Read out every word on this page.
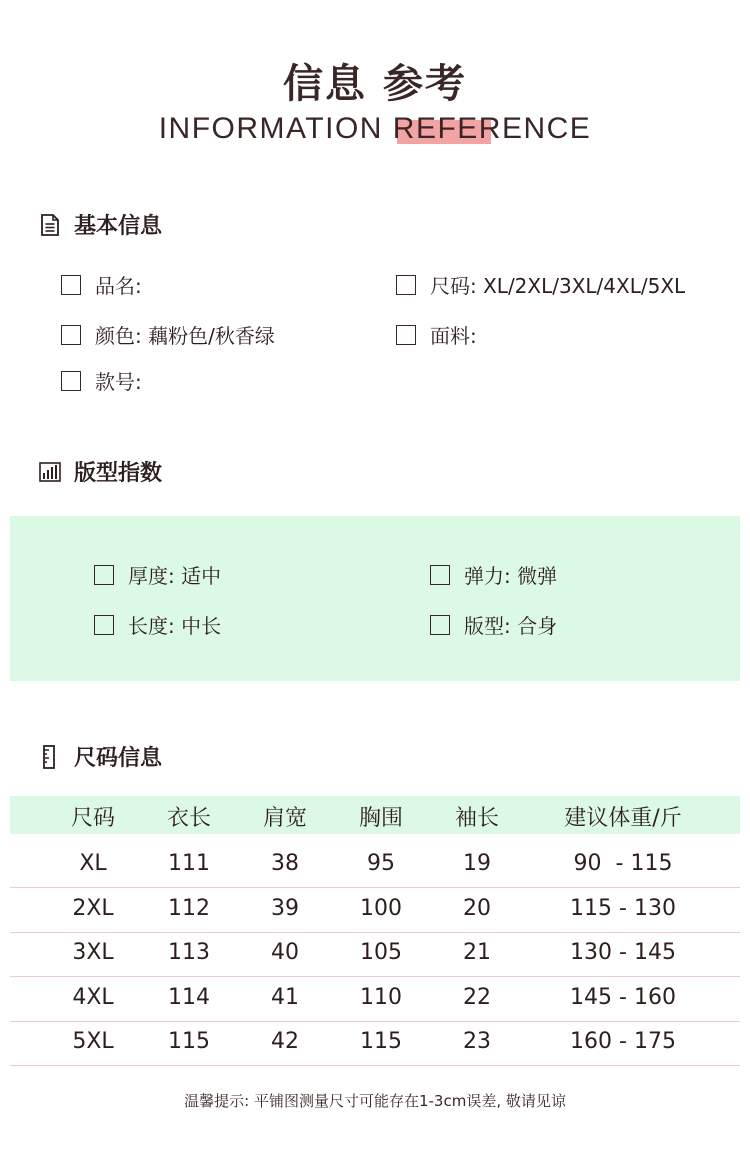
信息 参考
INFORMATION REFERENCE
基本信息
品名:	尺码: XL/2XL/3XL/4XL/5XL
颜色: 藕粉色/秋香绿	面料:
款号:
版型指数
厚度: 适中	弹力: 微弹
长度: 中长	版型: 合身
尺码信息
尺码	衣长	肩宽	胸围	袖长	建议体重/斤
XL	111	38	95	19	90  - 115
2XL	112	39	100	20	115 - 130
3XL	113	40	105	21	130 - 145
4XL	114	41	110	22	145 - 160
5XL	115	42	115	23	160 - 175
温馨提示: 平铺图测量尺寸可能存在1-3cm误差, 敬请见谅
